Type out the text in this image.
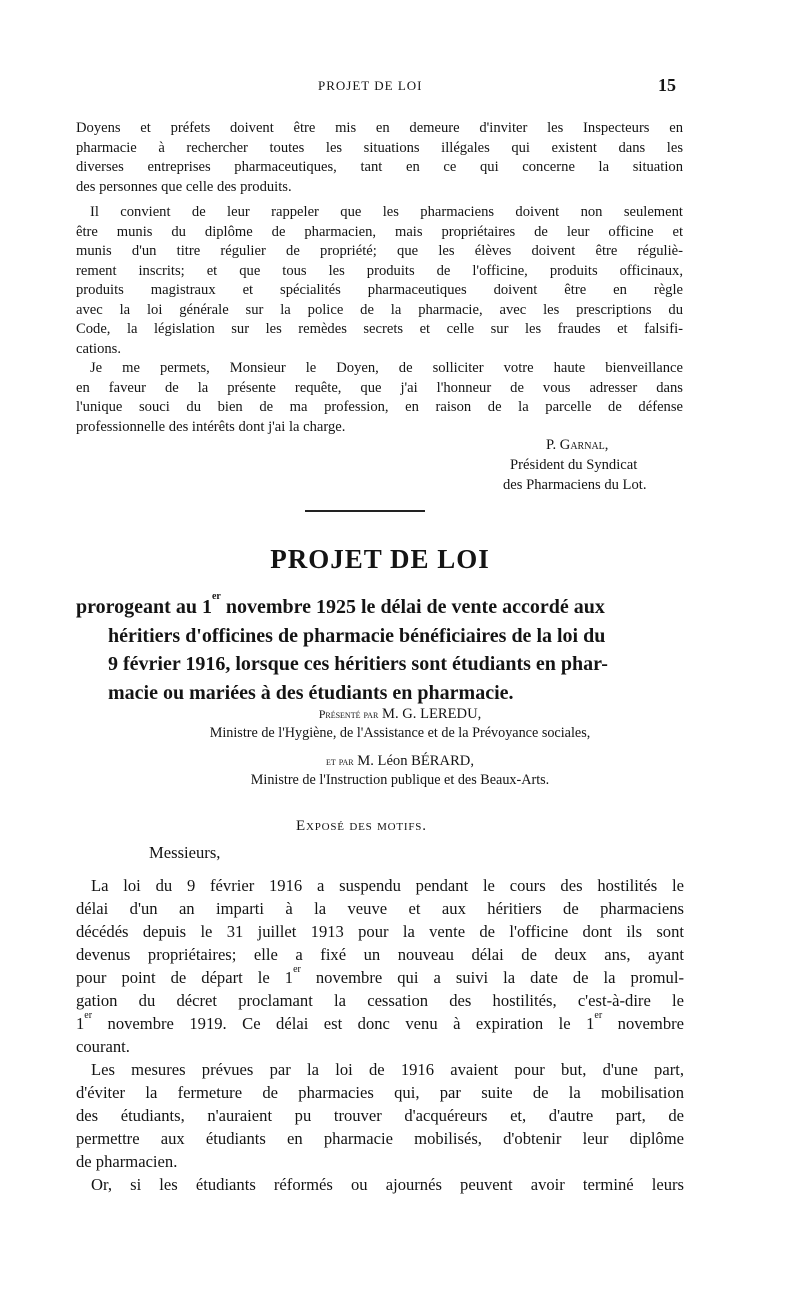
PROJET DE LOI	15
Doyens et préfets doivent être mis en demeure d'inviter les Inspecteurs en
pharmacie à rechercher toutes les situations illégales qui existent dans les
diverses entreprises pharmaceutiques, tant en ce qui concerne la situation
des personnes que celle des produits.
Il convient de leur rappeler que les pharmaciens doivent non seulement
être munis du diplôme de pharmacien, mais propriétaires de leur officine et
munis d'un titre régulier de propriété; que les élèves doivent être réguliè-
rement inscrits; et que tous les produits de l'officine, produits officinaux,
produits magistraux et spécialités pharmaceutiques doivent être en règle
avec la loi générale sur la police de la pharmacie, avec les prescriptions du
Code, la législation sur les remèdes secrets et celle sur les fraudes et falsifi-
cations.
Je me permets, Monsieur le Doyen, de solliciter votre haute bienveillance
en faveur de la présente requête, que j'ai l'honneur de vous adresser dans
l'unique souci du bien de ma profession, en raison de la parcelle de défense
professionnelle des intérêts dont j'ai la charge.
P. Garnal,
Président du Syndicat
des Pharmaciens du Lot.
PROJET DE LOI
prorogeant au 1er novembre 1925 le délai de vente accordé aux
héritiers d'officines de pharmacie bénéficiaires de la loi du
9 février 1916, lorsque ces héritiers sont étudiants en phar-
macie ou mariées à des étudiants en pharmacie.
Présenté par M. G. LEREDU,
Ministre de l'Hygiène, de l'Assistance et de la Prévoyance sociales,
et par M. Léon BÉRARD,
Ministre de l'Instruction publique et des Beaux-Arts.
Exposé des motifs.
Messieurs,
La loi du 9 février 1916 a suspendu pendant le cours des hostilités le
délai d'un an imparti à la veuve et aux héritiers de pharmaciens
décédés depuis le 31 juillet 1913 pour la vente de l'officine dont ils sont
devenus propriétaires; elle a fixé un nouveau délai de deux ans, ayant
pour point de départ le 1er novembre qui a suivi la date de la promul-
gation du décret proclamant la cessation des hostilités, c'est-à-dire le
1er novembre 1919. Ce délai est donc venu à expiration le 1er novembre
courant.
Les mesures prévues par la loi de 1916 avaient pour but, d'une part,
d'éviter la fermeture de pharmacies qui, par suite de la mobilisation
des étudiants, n'auraient pu trouver d'acquéreurs et, d'autre part, de
permettre aux étudiants en pharmacie mobilisés, d'obtenir leur diplôme
de pharmacien.
Or, si les étudiants réformés ou ajournés peuvent avoir terminé leurs
